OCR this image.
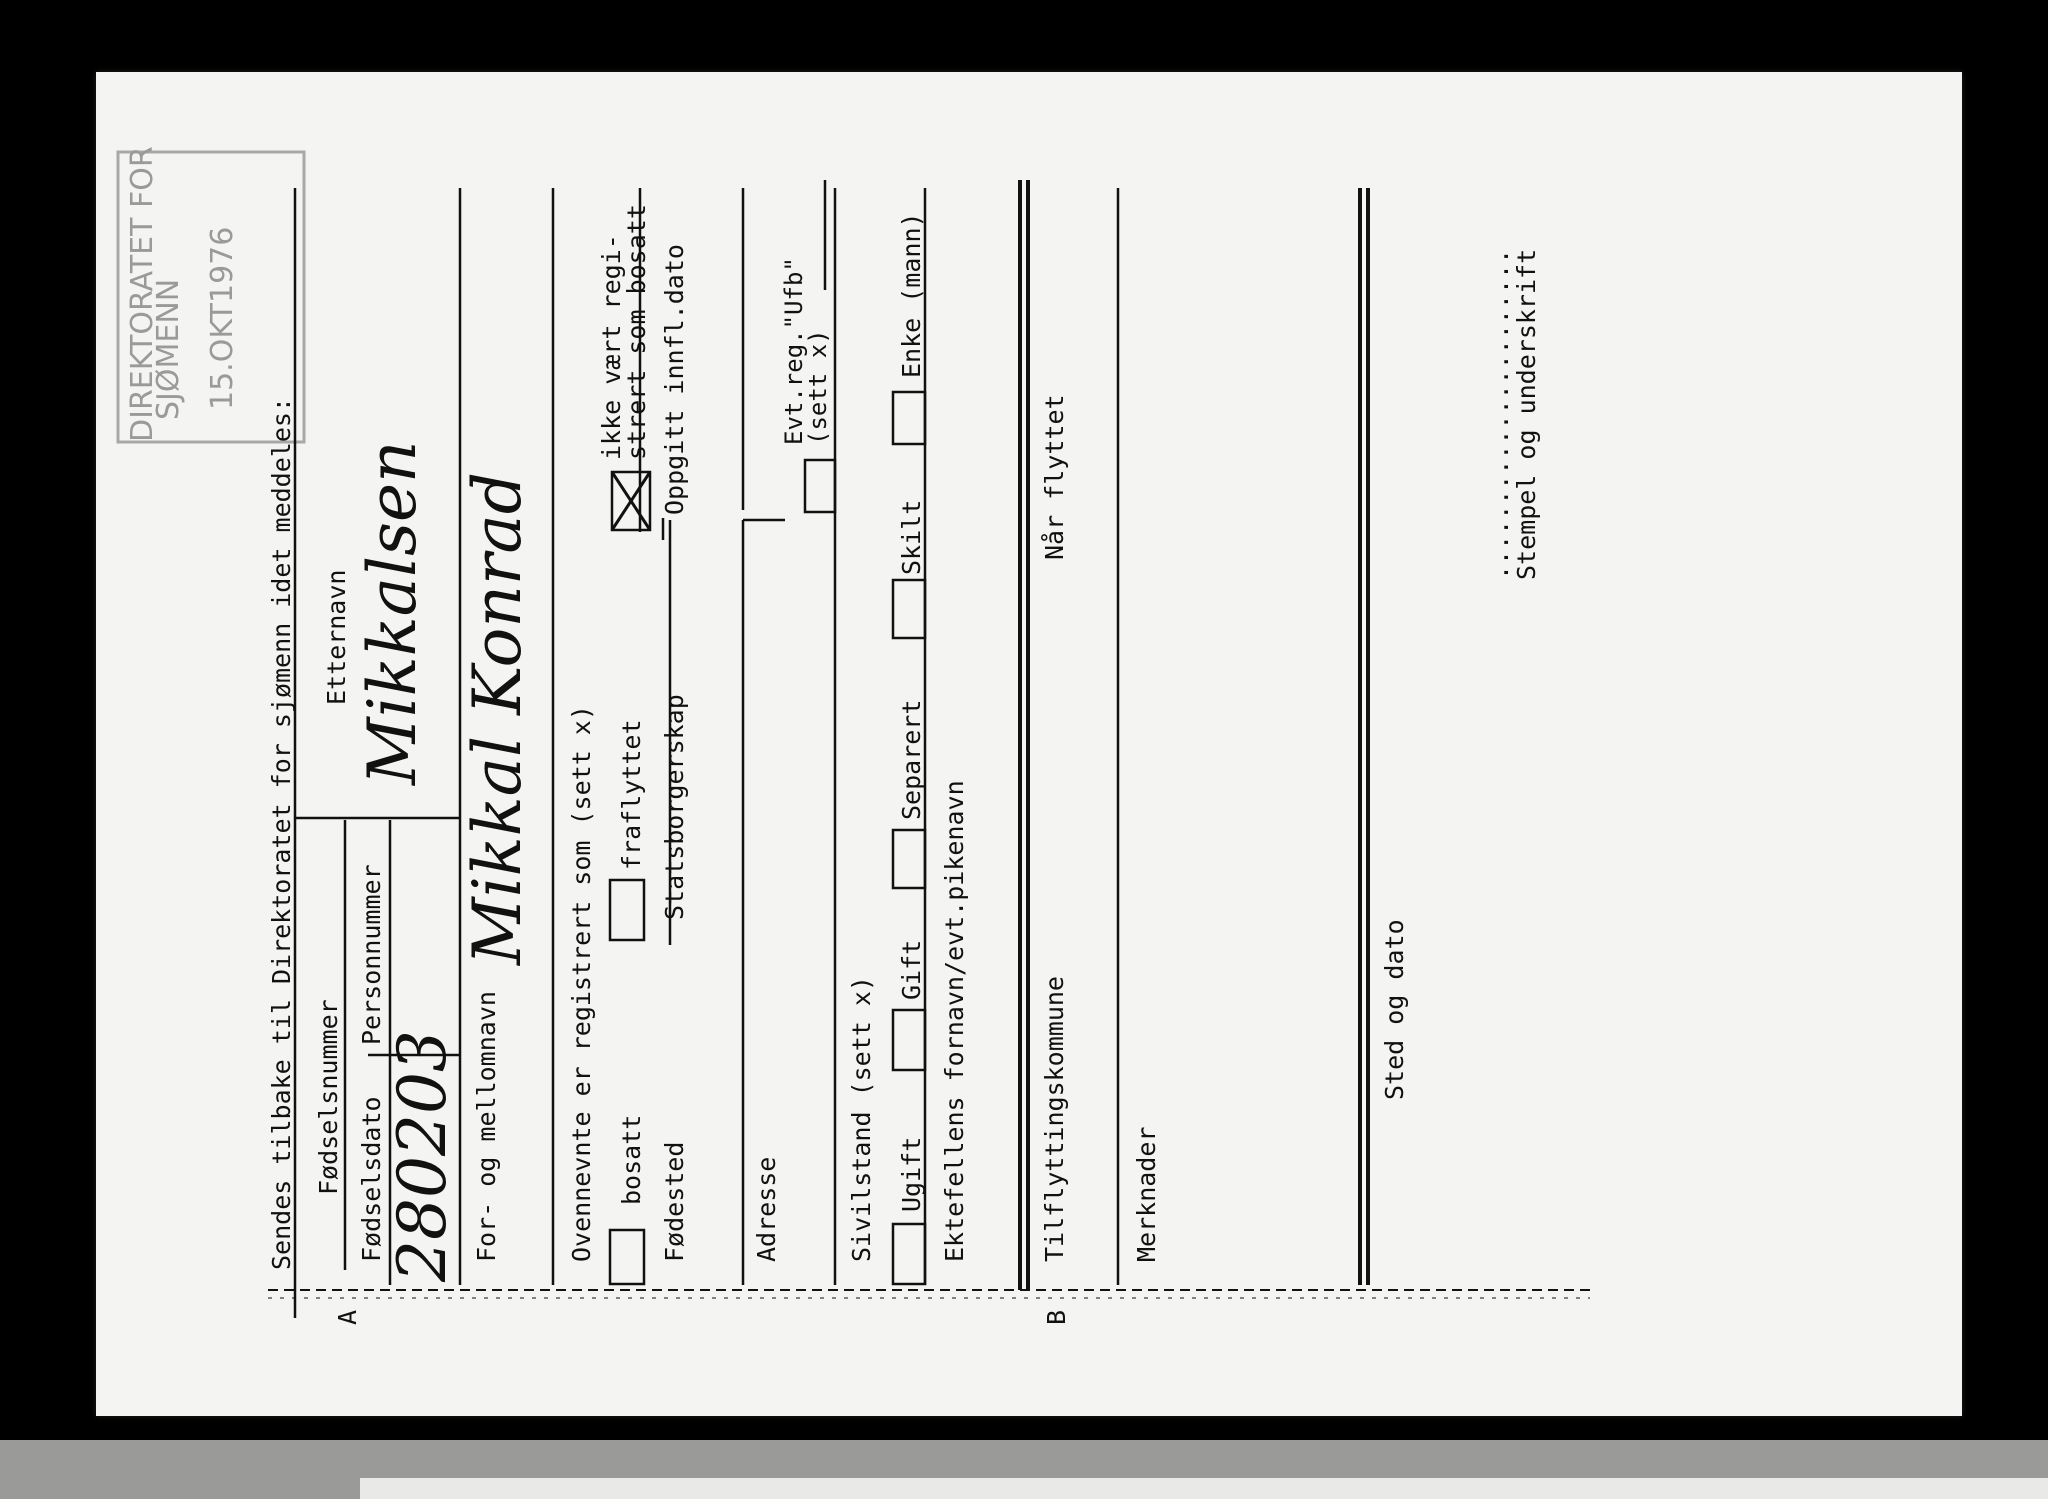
DIREKTORATET FOR
SJØMENN 15.OKT1976
Sendes tilbake til Direktoratet for sjømenn idet meddeles:
A	B
Fødselsnummer Fødselsdato
Personnummer
280203
Etternavn Mikkalsen
For- og mellomnavn
Mikkal Konrad Ovennevnte er registrert som (sett x) bosatt
fraflyttet
ikke vært regi-
strert som bosatt
Fødested
Statsborgerskap
Oppgitt innfl.dato
Adresse
Evt.reg."Ufb"
(sett x)
Sivilstand (sett x) Ugift
Gift
Separert
Skilt
Enke (mann)
Ektefellens fornavn/evt.pikenavn	Tilflyttingskommune
Når flyttet
Merknader
Sted og dato
......................
Stempel og underskrift
